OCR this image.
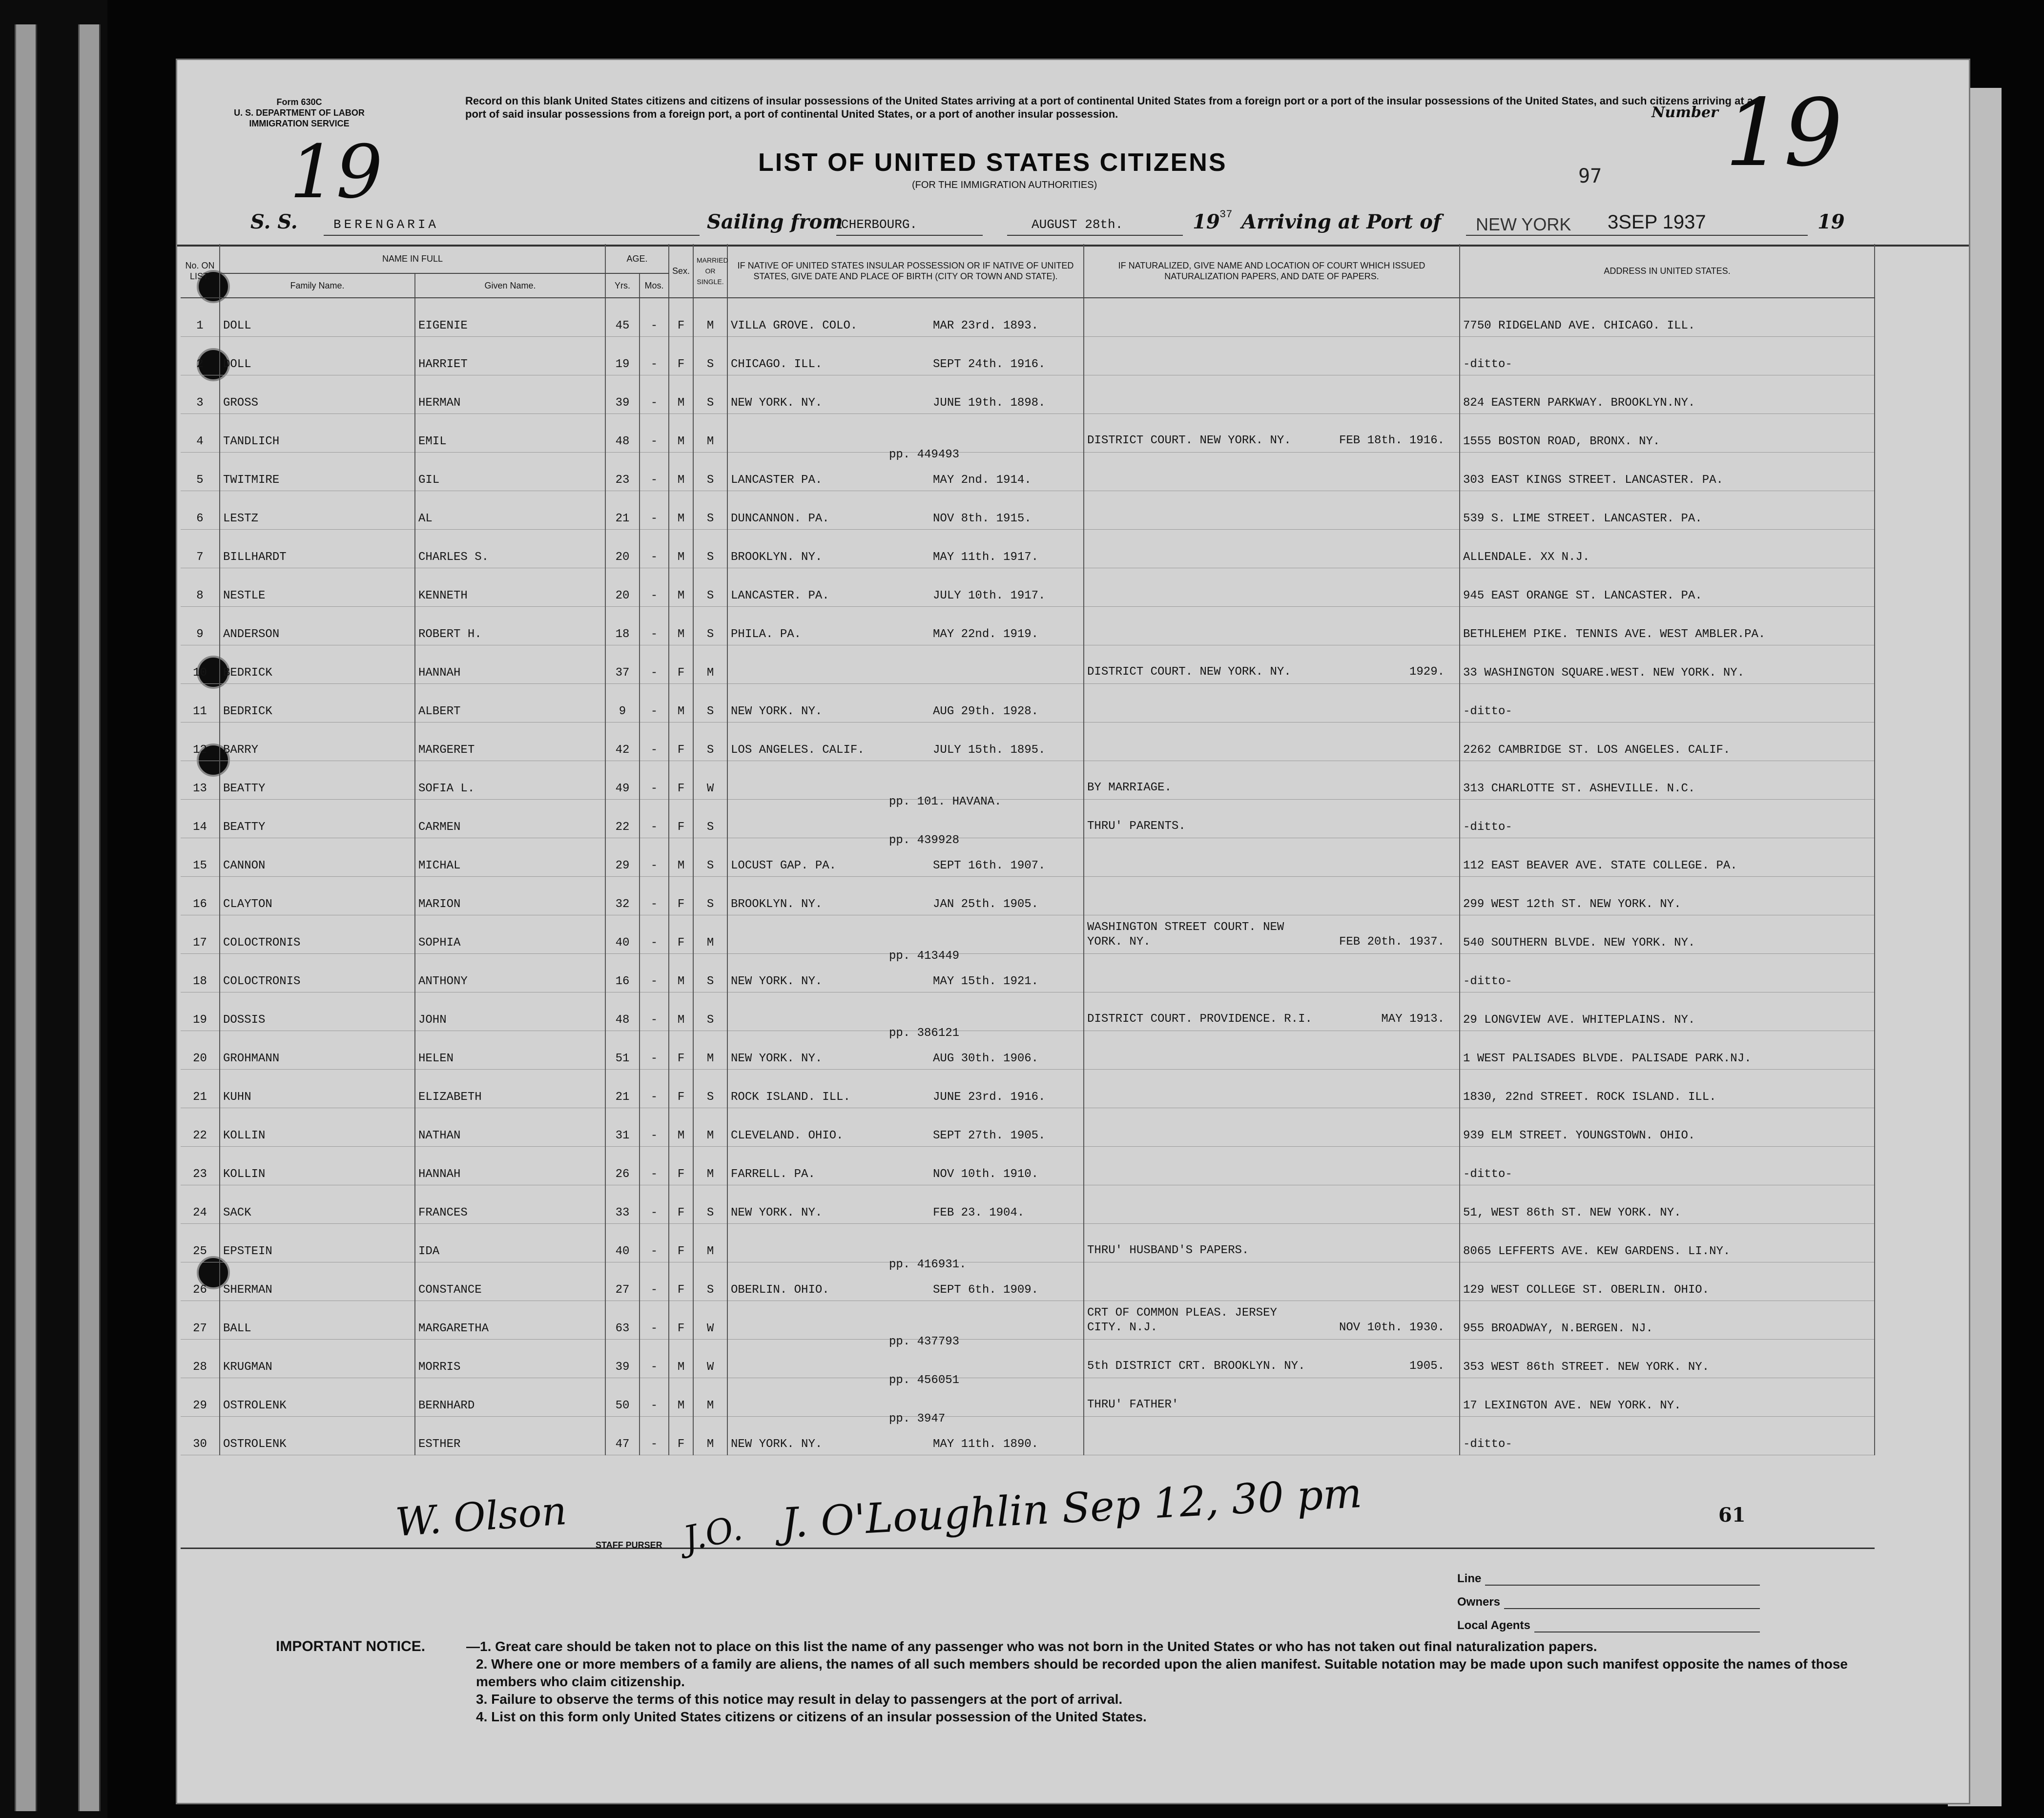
Form 630C
U. S. DEPARTMENT OF LABOR
IMMIGRATION SERVICE
Record on this blank United States citizens and citizens of insular possessions of the United States arriving at a port of continental United States from a foreign port or a port of the insular possessions of the United States, and such citizens arriving at a port of said insular possessions from a foreign port, a port of continental United States, or a port of another insular possession.	Number 19
19	97
LIST OF UNITED STATES CITIZENS
(FOR THE IMMIGRATION AUTHORITIES)
S. S.	BERENGARIA	Sailing from
CHERBOURG.	AUGUST 28th.	19 37 Arriving at Port of NEW YORK 3SEP 1937	19
No. ON LIST.	NAME IN FULL		AGE.		Sex.	MARRIED OR SINGLE.	IF NATIVE OF UNITED STATES INSULAR POSSESSION OR IF NATIVE OF UNITED STATES, GIVE DATE AND PLACE OF BIRTH (CITY OR TOWN AND STATE).	IF NATURALIZED, GIVE NAME AND LOCATION OF COURT WHICH ISSUED NATURALIZATION PAPERS, AND DATE OF PAPERS.	ADDRESS IN UNITED STATES.
	Family Name.	Given Name.	Yrs.	Mos.					
1	DOLL	EIGENIE	45	-	F	M	VILLA GROVE. COLO. MAR 23rd. 1893.		7750 RIDGELAND AVE. CHICAGO. ILL.
2	DOLL	HARRIET	19	-	F	S	CHICAGO. ILL. SEPT 24th. 1916.		-ditto-
3	GROSS	HERMAN	39	-	M	S	NEW YORK. NY. JUNE 19th. 1898.		824 EASTERN PARKWAY. BROOKLYN.NY.
4	TANDLICH	EMIL	48	-	M	M	pp. 449493	DISTRICT COURT. NEW YORK. NY. FEB 18th. 1916.	1555 BOSTON ROAD, BRONX. NY.
5	TWITMIRE	GIL	23	-	M	S	LANCASTER PA. MAY 2nd. 1914.		303 EAST KINGS STREET. LANCASTER. PA.
6	LESTZ	AL	21	-	M	S	DUNCANNON. PA. NOV 8th. 1915.		539 S. LIME STREET. LANCASTER. PA.
7	BILLHARDT	CHARLES S.	20	-	M	S	BROOKLYN. NY. MAY 11th. 1917.		ALLENDALE. XX N.J.
8	NESTLE	KENNETH	20	-	M	S	LANCASTER. PA. JULY 10th. 1917.		945 EAST ORANGE ST. LANCASTER. PA.
9	ANDERSON	ROBERT H.	18	-	M	S	PHILA. PA. MAY 22nd. 1919.		BETHLEHEM PIKE. TENNIS AVE. WEST AMBLER.PA.
10	BEDRICK	HANNAH	37	-	F	M		DISTRICT COURT. NEW YORK. NY. 1929.	33 WASHINGTON SQUARE.WEST. NEW YORK. NY.
11	BEDRICK	ALBERT	9	-	M	S	NEW YORK. NY. AUG 29th. 1928.		-ditto-
12	BARRY	MARGERET	42	-	F	S	LOS ANGELES. CALIF. JULY 15th. 1895.		2262 CAMBRIDGE ST. LOS ANGELES. CALIF.
13	BEATTY	SOFIA L.	49	-	F	W	pp. 101. HAVANA.	BY MARRIAGE.	313 CHARLOTTE ST. ASHEVILLE. N.C.
14	BEATTY	CARMEN	22	-	F	S	pp. 439928	THRU' PARENTS.	-ditto-
15	CANNON	MICHAL	29	-	M	S	LOCUST GAP. PA. SEPT 16th. 1907.		112 EAST BEAVER AVE. STATE COLLEGE. PA.
16	CLAYTON	MARION	32	-	F	S	BROOKLYN. NY. JAN 25th. 1905.		299 WEST 12th ST. NEW YORK. NY.
17	COLOCTRONIS	SOPHIA	40	-	F	M	pp. 413449	WASHINGTON STREET COURT. NEW YORK. NY. FEB 20th. 1937.	540 SOUTHERN BLVDE. NEW YORK. NY.
18	COLOCTRONIS	ANTHONY	16	-	M	S	NEW YORK. NY. MAY 15th. 1921.		-ditto-
19	DOSSIS	JOHN	48	-	M	S	pp. 386121	DISTRICT COURT. PROVIDENCE. R.I. MAY 1913.	29 LONGVIEW AVE. WHITEPLAINS. NY.
20	GROHMANN	HELEN	51	-	F	M	NEW YORK. NY. AUG 30th. 1906.		1 WEST PALISADES BLVDE. PALISADE PARK.NJ.
21	KUHN	ELIZABETH	21	-	F	S	ROCK ISLAND. ILL. JUNE 23rd. 1916.		1830, 22nd STREET. ROCK ISLAND. ILL.
22	KOLLIN	NATHAN	31	-	M	M	CLEVELAND. OHIO. SEPT 27th. 1905.		939 ELM STREET. YOUNGSTOWN. OHIO.
23	KOLLIN	HANNAH	26	-	F	M	FARRELL. PA. NOV 10th. 1910.		-ditto-
24	SACK	FRANCES	33	-	F	S	NEW YORK. NY. FEB 23. 1904.		51, WEST 86th ST. NEW YORK. NY.
25	EPSTEIN	IDA	40	-	F	M	pp. 416931.	THRU' HUSBAND'S PAPERS.	8065 LEFFERTS AVE. KEW GARDENS. LI.NY.
26	SHERMAN	CONSTANCE	27	-	F	S	OBERLIN. OHIO. SEPT 6th. 1909.		129 WEST COLLEGE ST. OBERLIN. OHIO.
27	BALL	MARGARETHA	63	-	F	W	pp. 437793	CRT OF COMMON PLEAS. JERSEY CITY. N.J. NOV 10th. 1930.	955 BROADWAY, N.BERGEN. NJ.
28	KRUGMAN	MORRIS	39	-	M	W	pp. 456051	5th DISTRICT CRT. BROOKLYN. NY. 1905.	353 WEST 86th STREET. NEW YORK. NY.
29	OSTROLENK	BERNHARD	50	-	M	M	pp. 3947	THRU' FATHER'	17 LEXINGTON AVE. NEW YORK. NY.
30	OSTROLENK	ESTHER	47	-	F	M	NEW YORK. NY. MAY 11th. 1890.		-ditto-
W. Olson	STAFF PURSER J.O. J. O'Loughlin Sep 12, 30 pm	61
Line
Owners
Local Agents
IMPORTANT NOTICE.	—1. Great care should be taken not to place on this list the name of any passenger who was not born in the United States or who has not taken out final naturalization papers.
2. Where one or more members of a family are aliens, the names of all such members should be recorded upon the alien manifest. Suitable notation may be made upon such manifest opposite the names of those members who claim citizenship.
3. Failure to observe the terms of this notice may result in delay to passengers at the port of arrival.
4. List on this form only United States citizens or citizens of an insular possession of the United States.
